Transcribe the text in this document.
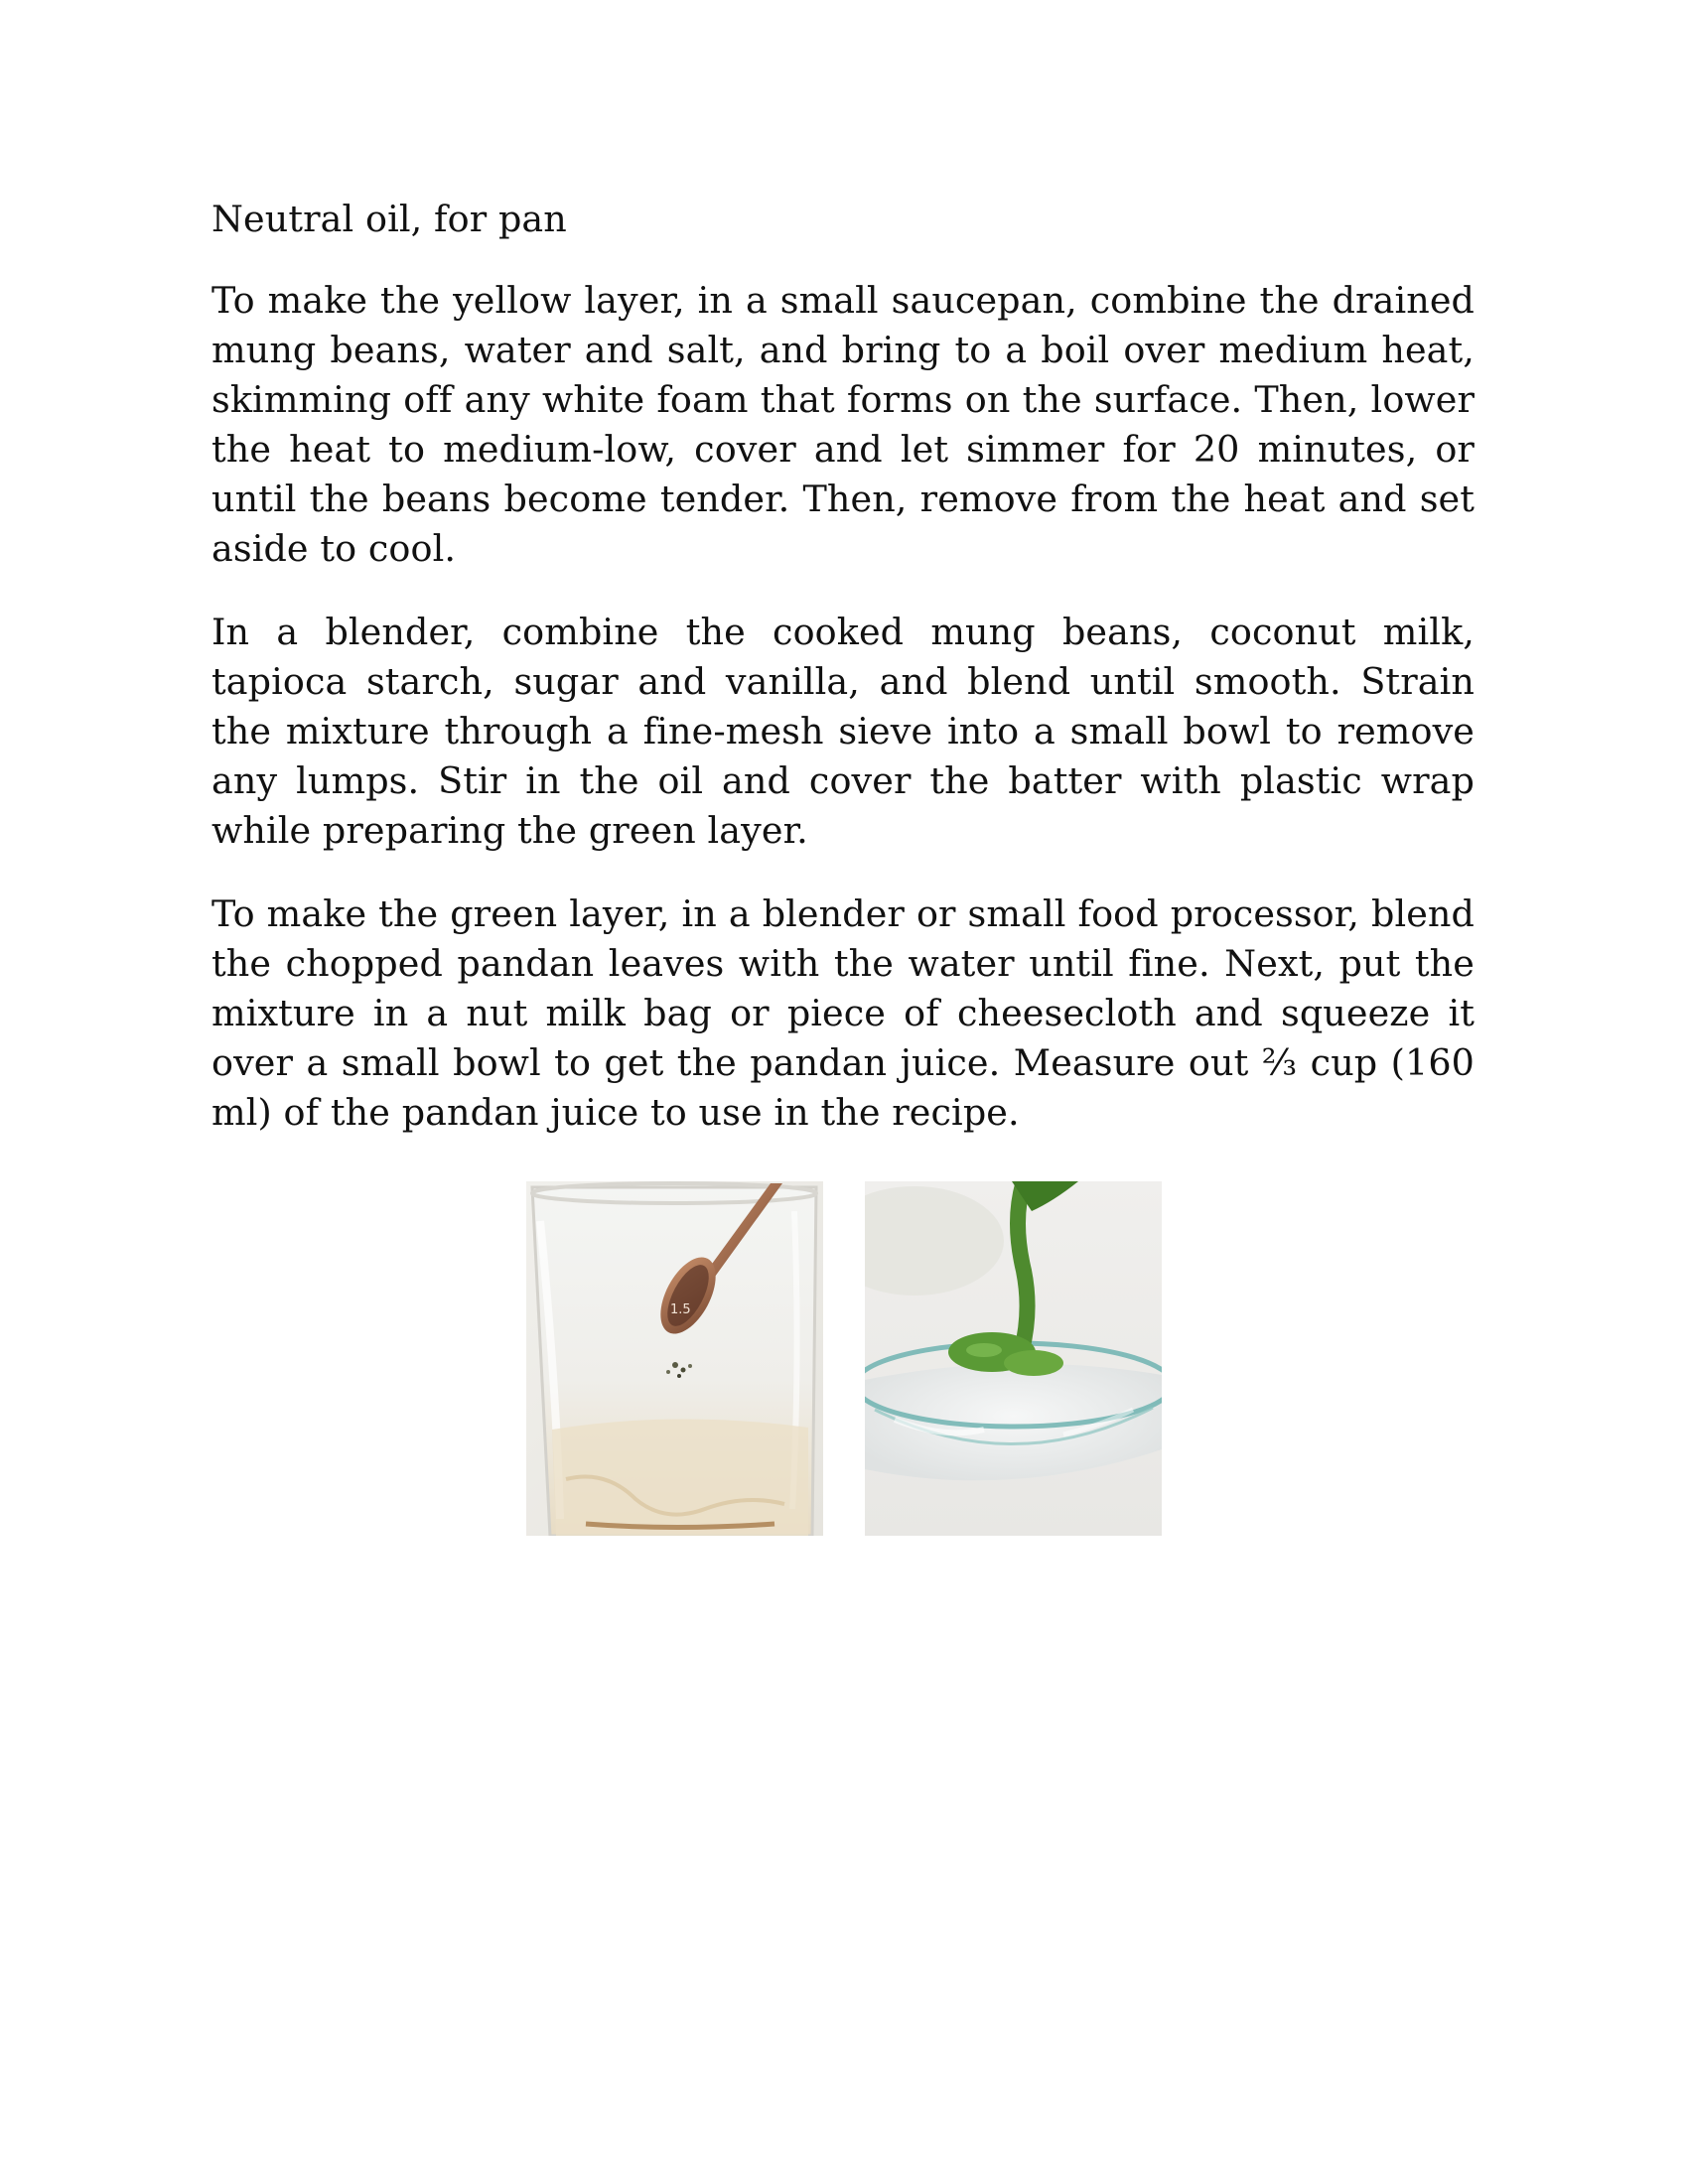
Neutral oil, for pan

To make the yellow layer, in a small saucepan, combine the drained mung beans, water and salt, and bring to a boil over medium heat, skimming off any white foam that forms on the surface. Then, lower the heat to medium-low, cover and let simmer for 20 minutes, or until the beans become tender. Then, remove from the heat and set aside to cool.

In a blender, combine the cooked mung beans, coconut milk, tapioca starch, sugar and vanilla, and blend until smooth. Strain the mixture through a fine-mesh sieve into a small bowl to remove any lumps. Stir in the oil and cover the batter with plastic wrap while preparing the green layer.

To make the green layer, in a blender or small food processor, blend the chopped pandan leaves with the water until fine. Next, put the mixture in a nut milk bag or piece of cheesecloth and squeeze it over a small bowl to get the pandan juice. Measure out ⅔ cup (160 ml) of the pandan juice to use in the recipe.

1.5
